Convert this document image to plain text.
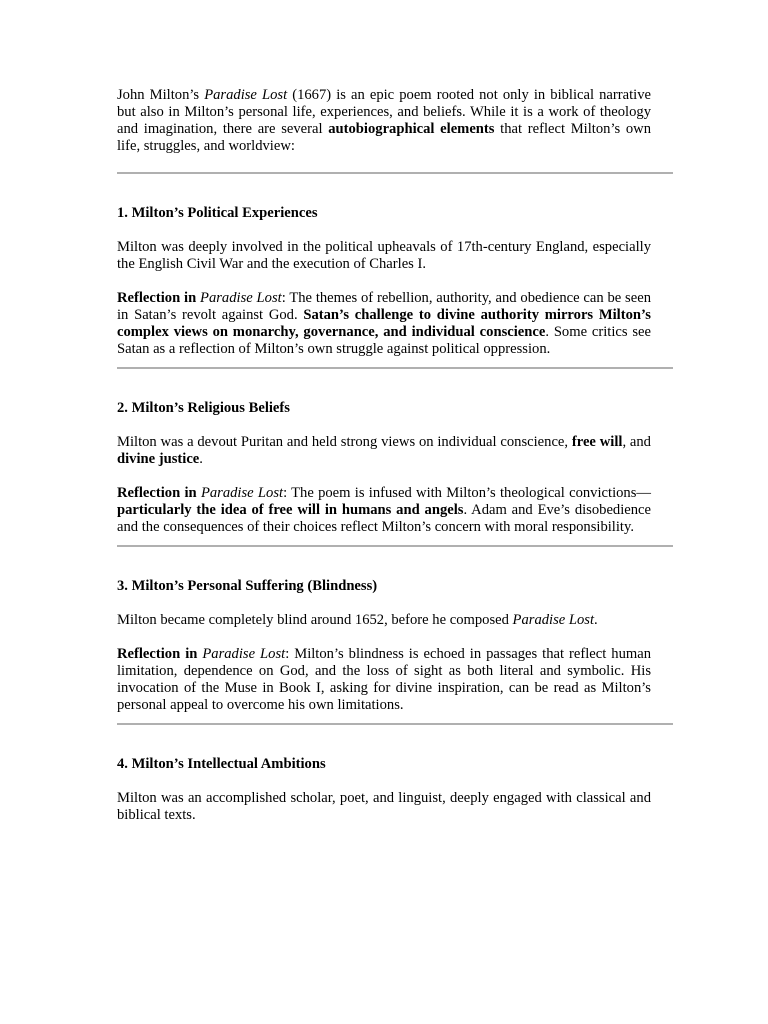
John Milton’s Paradise Lost (1667) is an epic poem rooted not only in biblical narrative but also in Milton’s personal life, experiences, and beliefs. While it is a work of theology and imagination, there are several autobiographical elements that reflect Milton’s own life, struggles, and worldview:

1. Milton’s Political Experiences

Milton was deeply involved in the political upheavals of 17th-century England, especially the English Civil War and the execution of Charles I.

Reflection in Paradise Lost: The themes of rebellion, authority, and obedience can be seen in Satan’s revolt against God. Satan’s challenge to divine authority mirrors Milton’s complex views on monarchy, governance, and individual conscience. Some critics see Satan as a reflection of Milton’s own struggle against political oppression.

2. Milton’s Religious Beliefs

Milton was a devout Puritan and held strong views on individual conscience, free will, and divine justice.

Reflection in Paradise Lost: The poem is infused with Milton’s theological convictions—particularly the idea of free will in humans and angels. Adam and Eve’s disobedience and the consequences of their choices reflect Milton’s concern with moral responsibility.

3. Milton’s Personal Suffering (Blindness)

Milton became completely blind around 1652, before he composed Paradise Lost.

Reflection in Paradise Lost: Milton’s blindness is echoed in passages that reflect human limitation, dependence on God, and the loss of sight as both literal and symbolic. His invocation of the Muse in Book I, asking for divine inspiration, can be read as Milton’s personal appeal to overcome his own limitations.

4. Milton’s Intellectual Ambitions

Milton was an accomplished scholar, poet, and linguist, deeply engaged with classical and biblical texts.
